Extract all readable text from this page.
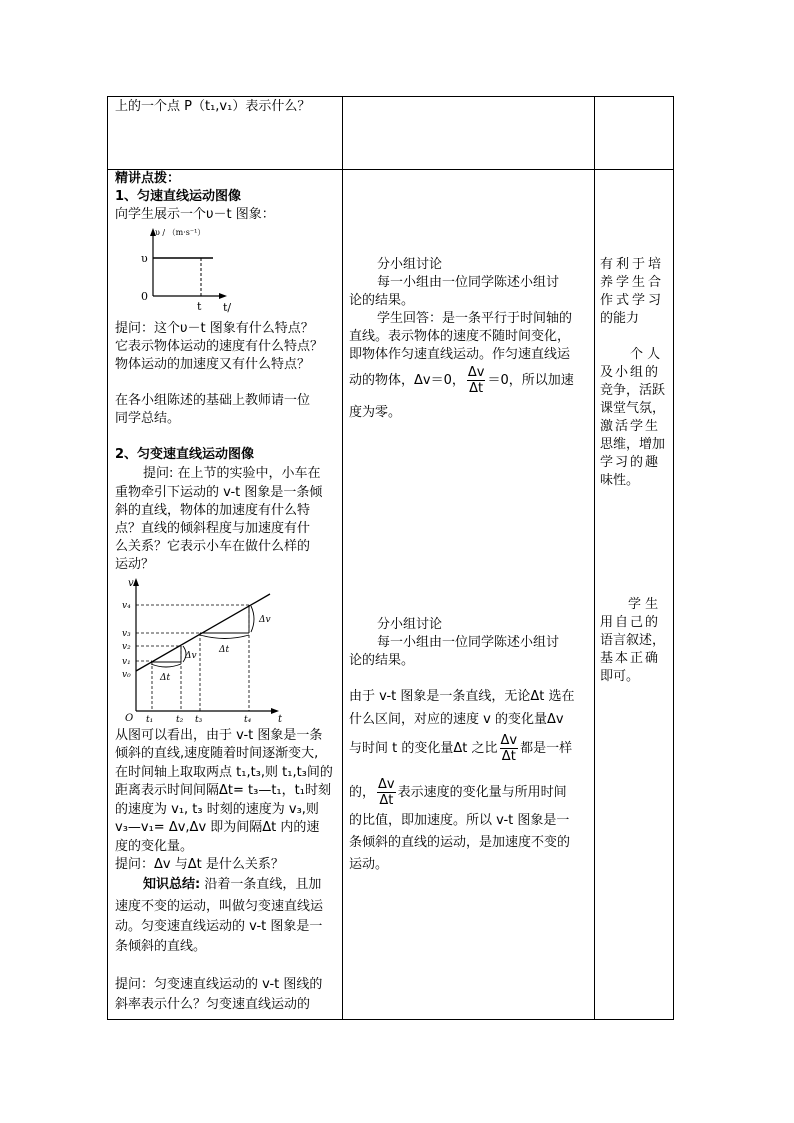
上的一个点 P（t₁,v₁）表示什么？
精讲点拨：
1、匀速直线运动图像
向学生展示一个υ－t 图象：
υ / （m·s⁻¹）
υ
0
t t/
提问：这个υ－t 图象有什么特点？
它表示物体运动的速度有什么特点？
物体运动的加速度又有什么特点？
在各小组陈述的基础上教师请一位
同学总结。
2、匀变速直线运动图像
提问: 在上节的实验中，小车在
重物牵引下运动的 v-t 图象是一条倾
斜的直线，物体的加速度有什么特
点？直线的倾斜程度与加速度有什
么关系？它表示小车在做什么样的
运动？
v
t
O
v₄
v₃
v₂
v₁
v₀
t₁	t₂ t₃	t₄
Δv
Δt
Δv
Δt
从图可以看出，由于 v-t 图象是一条
倾斜的直线,速度随着时间逐渐变大,
在时间轴上取取两点 t₁,t₃,则 t₁,t₃间的
距离表示时间间隔Δt= t₃—t₁，t₁时刻
的速度为 v₁, t₃ 时刻的速度为 v₃,则
v₃—v₁= Δv,Δv 即为间隔Δt 内的速
度的变化量。
提问：Δv 与Δt 是什么关系？
知识总结: 沿着一条直线，且加
速度不变的运动，叫做匀变速直线运
动。匀变速直线运动的 v-t 图象是一
条倾斜的直线。
提问：匀变速直线运动的 v-t 图线的
斜率表示什么？匀变速直线运动的
分小组讨论
每一小组由一位同学陈述小组讨
论的结果。
学生回答：是一条平行于时间轴的
直线。表示物体的速度不随时间变化，
即物体作匀速直线运动。作匀速直线运
动的物体，Δv＝0， $\frac{\Delta v}{\Delta t} =0$，所以加速
度为零。
分小组讨论
每一小组由一位同学陈述小组讨
论的结果。
由于 v-t 图象是一条直线，无论Δt 选在
什么区间，对应的速度 v 的变化量Δv
与时间 t 的变化量Δt 之比 $\frac{\Delta v}{\Delta t}$ 都是一样
的， $\frac{\Delta v}{\Delta t}$ 表示速度的变化量与所用时间
的比值，即加速度。所以 v-t 图象是一
条倾斜的直线的运动，是加速度不变的
运动。
有利于培
养学生合
作式学习
的能力
个 人
及小组的
竞争，活跃
课堂气氛，
激活学生
思维，增加
学习的趣
味性。
学 生
用自己的
语言叙述，
基本正确
即可。
